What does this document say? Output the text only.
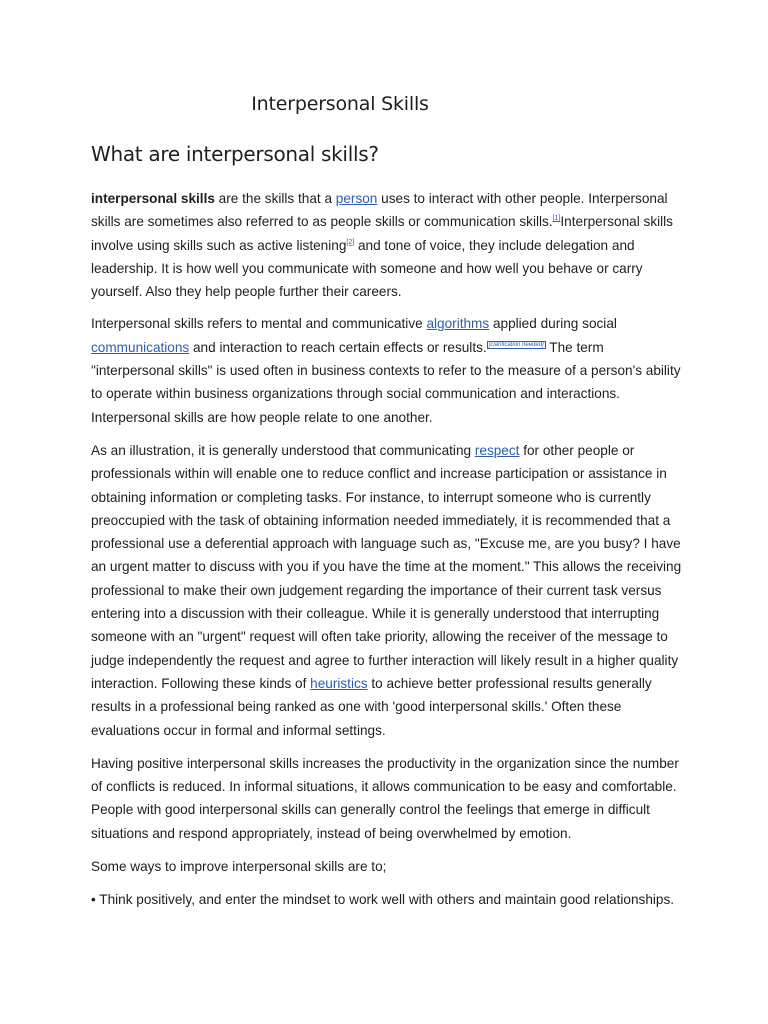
Interpersonal Skills
What are interpersonal skills?

interpersonal skills are the skills that a person uses to interact with other people. Interpersonal skills are sometimes also referred to as people skills or communication skills.[1]Interpersonal skills involve using skills such as active listening[2] and tone of voice, they include delegation and leadership. It is how well you communicate with someone and how well you behave or carry yourself. Also they help people further their careers.

Interpersonal skills refers to mental and communicative algorithms applied during social communications and interaction to reach certain effects or results. [clarification needed] The term "interpersonal skills" is used often in business contexts to refer to the measure of a person's ability to operate within business organizations through social communication and interactions. Interpersonal skills are how people relate to one another.

As an illustration, it is generally understood that communicating respect for other people or professionals within will enable one to reduce conflict and increase participation or assistance in obtaining information or completing tasks. For instance, to interrupt someone who is currently preoccupied with the task of obtaining information needed immediately, it is recommended that a professional use a deferential approach with language such as, "Excuse me, are you busy? I have an urgent matter to discuss with you if you have the time at the moment." This allows the receiving professional to make their own judgement regarding the importance of their current task versus entering into a discussion with their colleague. While it is generally understood that interrupting someone with an "urgent" request will often take priority, allowing the receiver of the message to judge independently the request and agree to further interaction will likely result in a higher quality interaction. Following these kinds of heuristics to achieve better professional results generally results in a professional being ranked as one with 'good interpersonal skills.' Often these evaluations occur in formal and informal settings.

Having positive interpersonal skills increases the productivity in the organization since the number of conflicts is reduced. In informal situations, it allows communication to be easy and comfortable. People with good interpersonal skills can generally control the feelings that emerge in difficult situations and respond appropriately, instead of being overwhelmed by emotion.

Some ways to improve interpersonal skills are to;

• Think positively, and enter the mindset to work well with others and maintain good relationships.
